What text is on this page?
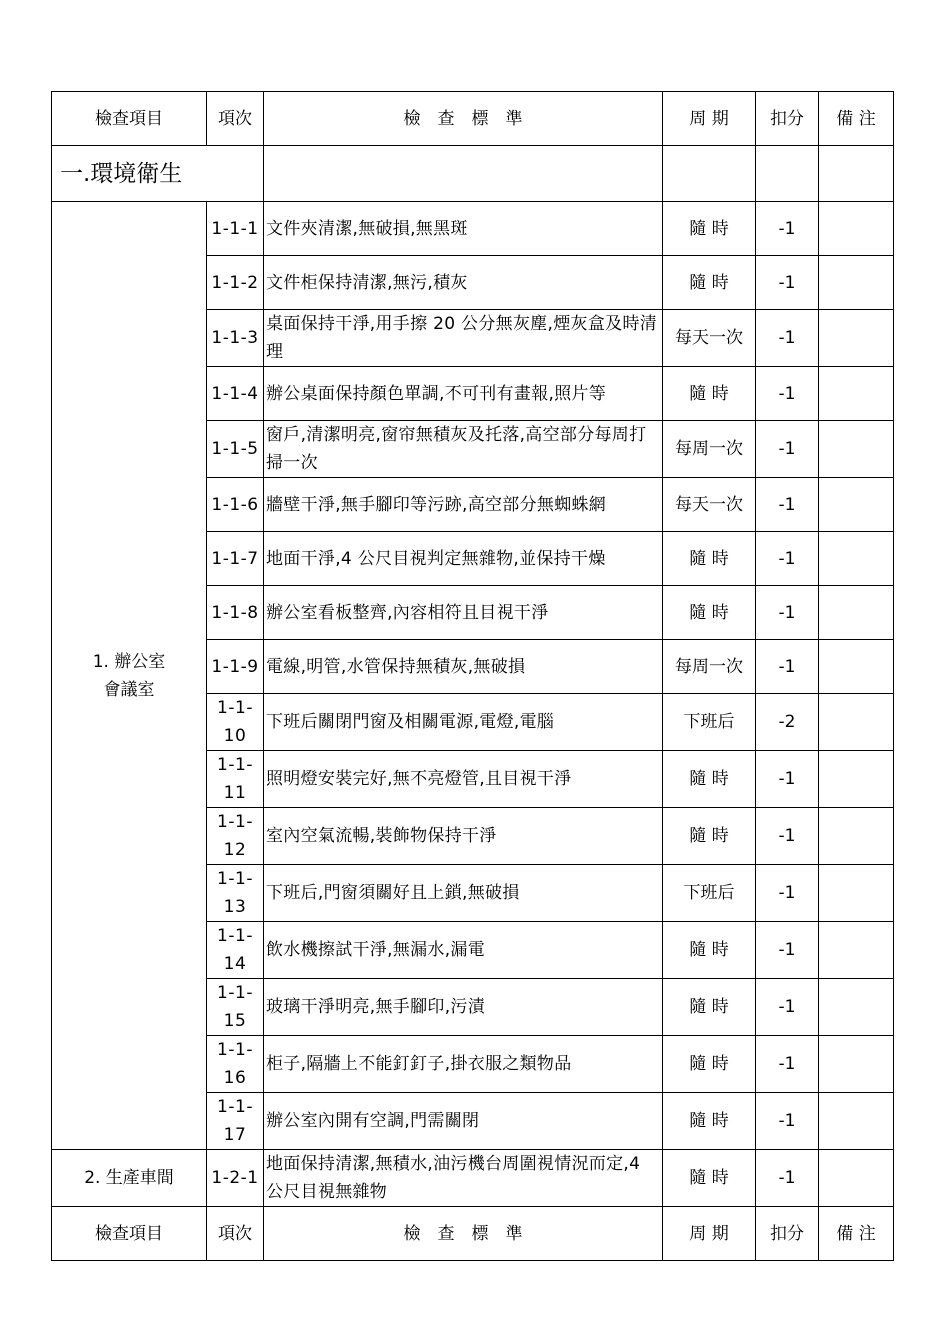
檢查項目	項次	檢　查　標　準	周 期	扣分	備 注
一.環境衛生					
1. 辦公室
會議室	1-1-1	文件夾清潔,無破損,無黑斑	隨 時	-1	
	1-1-2	文件柜保持清潔,無污,積灰	隨 時	-1	
	1-1-3	桌面保持干淨,用手擦 20 公分無灰塵,煙灰盒及時清理	每天一次	-1	
	1-1-4	辦公桌面保持顏色單調,不可刊有畫報,照片等	隨 時	-1	
	1-1-5	窗戶,清潔明亮,窗帘無積灰及托落,高空部分每周打掃一次	每周一次	-1	
	1-1-6	牆壁干淨,無手腳印等污跡,高空部分無蜘蛛網	每天一次	-1	
	1-1-7	地面干淨,4 公尺目視判定無雜物,並保持干燥	隨 時	-1	
	1-1-8	辦公室看板整齊,內容相符且目視干淨	隨 時	-1	
	1-1-9	電線,明管,水管保持無積灰,無破損	每周一次	-1	
	1-1-10	下班后關閉門窗及相關電源,電燈,電腦	下班后	-2	
	1-1-11	照明燈安裝完好,無不亮燈管,且目視干淨	隨 時	-1	
	1-1-12	室內空氣流暢,裝飾物保持干淨	隨 時	-1	
	1-1-13	下班后,門窗須關好且上鎖,無破損	下班后	-1	
	1-1-14	飲水機擦試干淨,無漏水,漏電	隨 時	-1	
	1-1-15	玻璃干淨明亮,無手腳印,污漬	隨 時	-1	
	1-1-16	柜子,隔牆上不能釘釘子,掛衣服之類物品	隨 時	-1	
	1-1-17	辦公室內開有空調,門需關閉	隨 時	-1	
2. 生產車間	1-2-1	地面保持清潔,無積水,油污機台周圍視情況而定,4 公尺目視無雜物	隨 時	-1	
檢查項目	項次	檢　查　標　準	周 期	扣分	備 注
